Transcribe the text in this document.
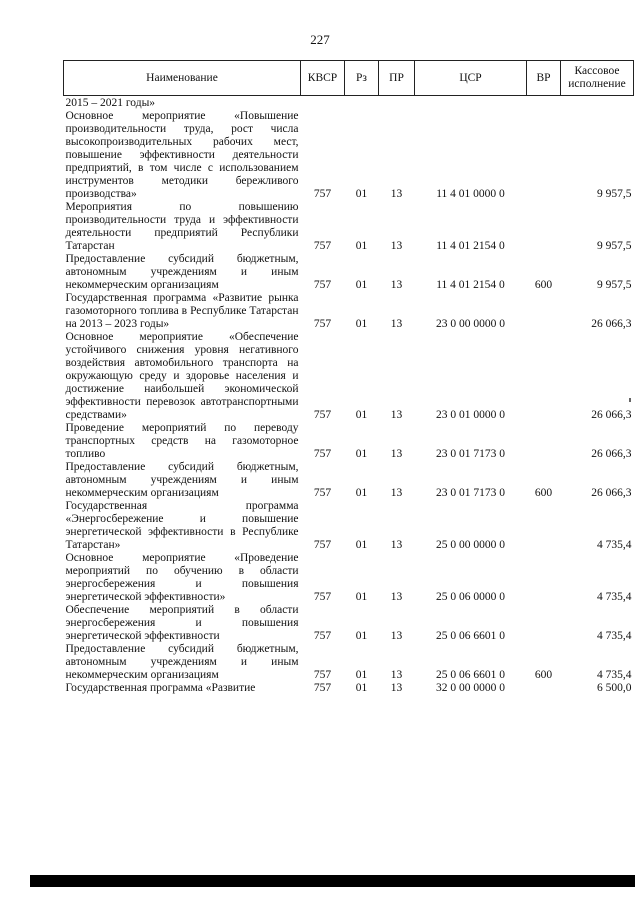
227
Наименование	КВСР	Рз	ПР	ЦСР	ВР	Кассовое исполнение
2015 – 2021 годы»						
Основное мероприятие «Повышение производительности труда, рост числа высокопроизводительных рабочих мест, повышение эффективности деятельности предприятий, в том числе с использованием инструментов методики бережливого производства»	757	01	13	11 4 01 0000 0		9 957,5
Мероприятия по повышению производительности труда и эффективности деятельности предприятий Республики Татарстан	757	01	13	11 4 01 2154 0		9 957,5
Предоставление субсидий бюджетным, автономным учреждениям и иным некоммерческим организациям	757	01	13	11 4 01 2154 0	600	9 957,5
Государственная программа «Развитие рынка газомоторного топлива в Республике Татарстан на 2013 – 2023 годы»	757	01	13	23 0 00 0000 0		26 066,3
Основное мероприятие «Обеспечение устойчивого снижения уровня негативного воздействия автомобильного транспорта на окружающую среду и здоровье населения и достижение наибольшей экономической эффективности перевозок автотранспортными средствами»	757	01	13	23 0 01 0000 0		26 066,3
Проведение мероприятий по переводу транспортных средств на газомоторное топливо	757	01	13	23 0 01 7173 0		26 066,3
Предоставление субсидий бюджетным, автономным учреждениям и иным некоммерческим организациям	757	01	13	23 0 01 7173 0	600	26 066,3
Государственная программа «Энергосбережение и повышение энергетической эффективности в Республике Татарстан»	757	01	13	25 0 00 0000 0		4 735,4
Основное мероприятие «Проведение мероприятий по обучению в области энергосбережения и повышения энергетической эффективности»	757	01	13	25 0 06 0000 0		4 735,4
Обеспечение мероприятий в области энергосбережения и повышения энергетической эффективности	757	01	13	25 0 06 6601 0		4 735,4
Предоставление субсидий бюджетным, автономным учреждениям и иным некоммерческим организациям	757	01	13	25 0 06 6601 0	600	4 735,4
Государственная программа «Развитие	757	01	13	32 0 00 0000 0		6 500,0
